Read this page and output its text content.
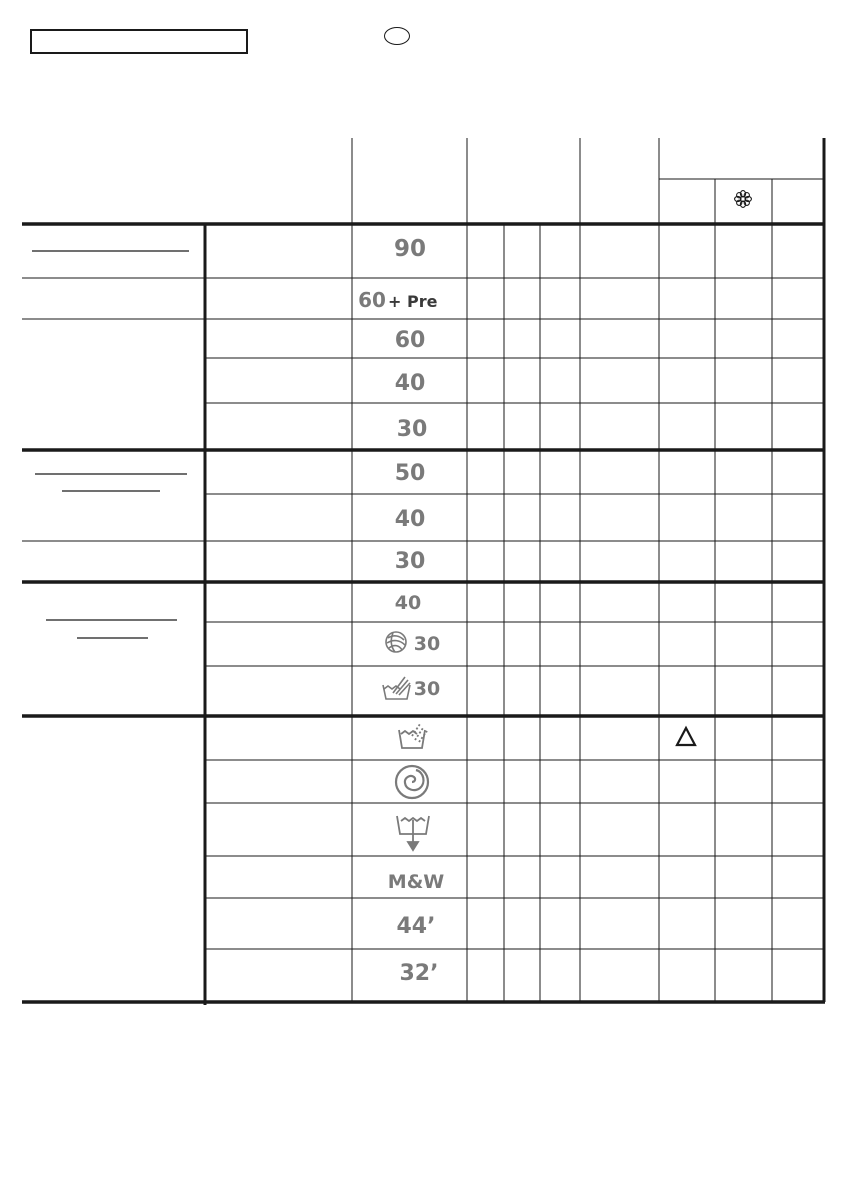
90
60 + Pre
60
40
30
50
40
30
40
30
30
M&W
44’
32’
